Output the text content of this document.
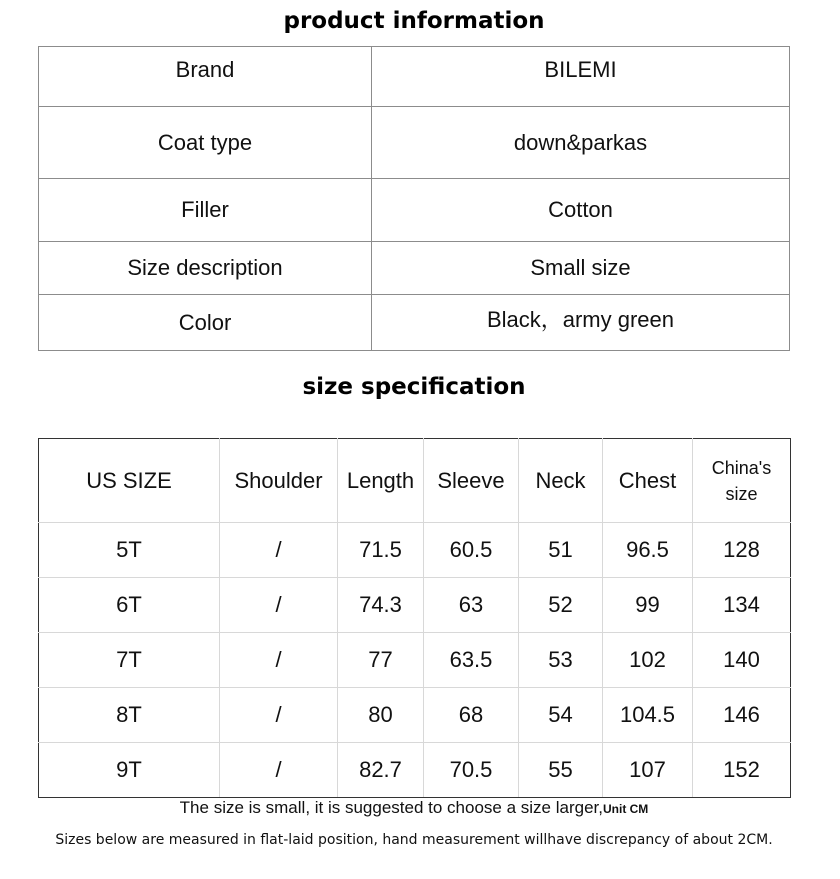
product information
Brand	BILEMI
Coat type	down&parkas
Filler	Cotton
Size description	Small size
Color	Black，army green
size specification
US SIZE	Shoulder	Length	Sleeve	Neck	Chest	China's
size
5T	/	71.5	60.5	51	96.5	128
6T	/	74.3	63	52	99	134
7T	/	77	63.5	53	102	140
8T	/	80	68	54	104.5	146
9T	/	82.7	70.5	55	107	152
The size is small, it is suggested to choose a size larger,Unit CM
Sizes below are measured in flat-laid position, hand measurement willhave discrepancy of about 2CM.
